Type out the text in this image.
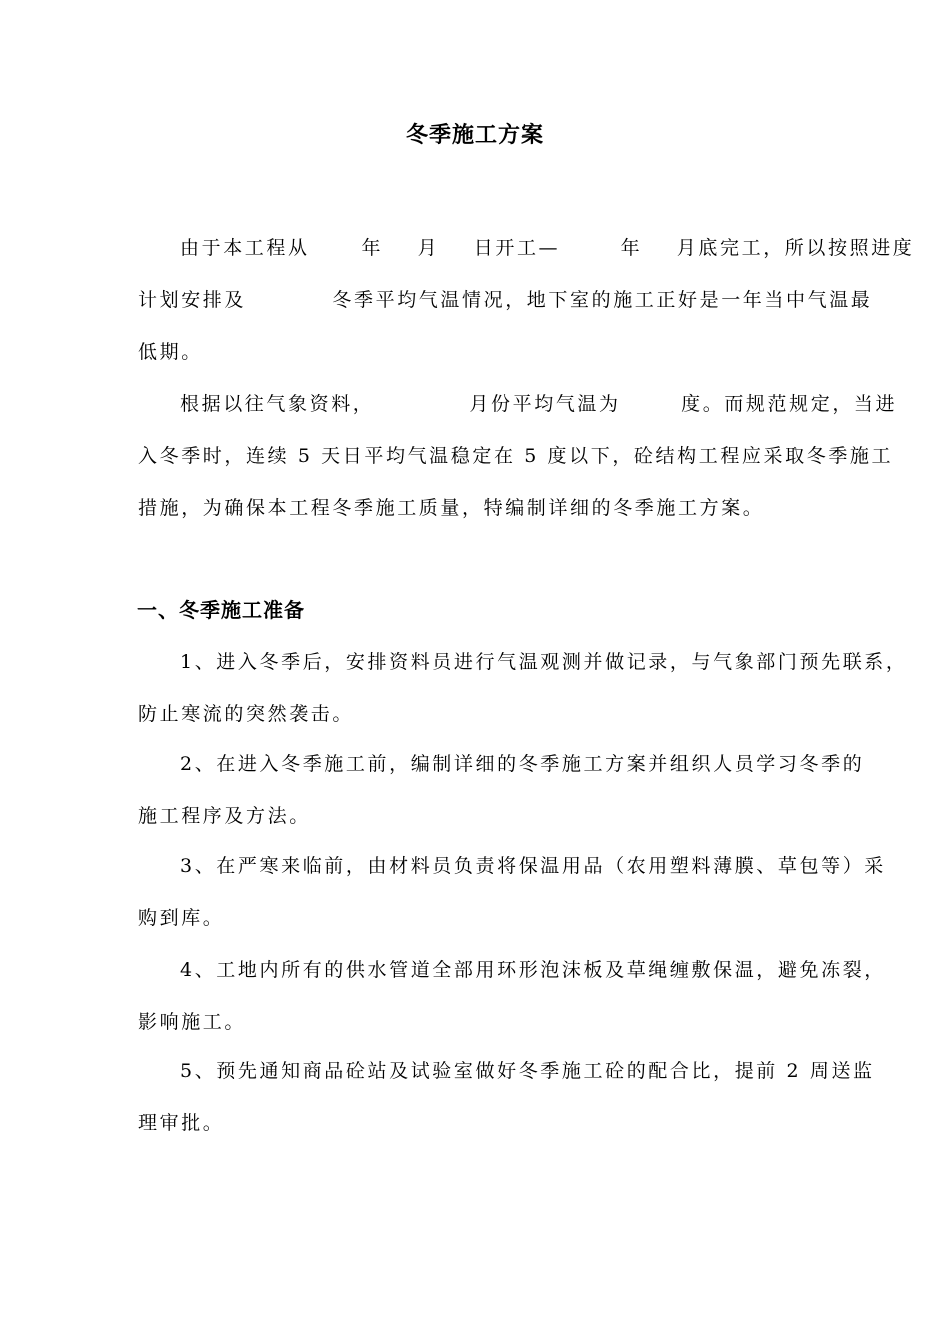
冬季施工方案
由于本工程从      年    月    日开工—       年    月底完工，所以按照进度
计划安排及          冬季平均气温情况，地下室的施工正好是一年当中气温最
低期。
根据以往气象资料，           月份平均气温为       度。而规范规定，当进
入冬季时，连续 5 天日平均气温稳定在 5 度以下，砼结构工程应采取冬季施工
措施，为确保本工程冬季施工质量，特编制详细的冬季施工方案。
一、冬季施工准备
1、进入冬季后，安排资料员进行气温观测并做记录，与气象部门预先联系，
防止寒流的突然袭击。
2、在进入冬季施工前，编制详细的冬季施工方案并组织人员学习冬季的
施工程序及方法。
3、在严寒来临前，由材料员负责将保温用品（农用塑料薄膜、草包等）采
购到库。
4、工地内所有的供水管道全部用环形泡沫板及草绳缠敷保温，避免冻裂，
影响施工。
5、预先通知商品砼站及试验室做好冬季施工砼的配合比，提前 2 周送监
理审批。
